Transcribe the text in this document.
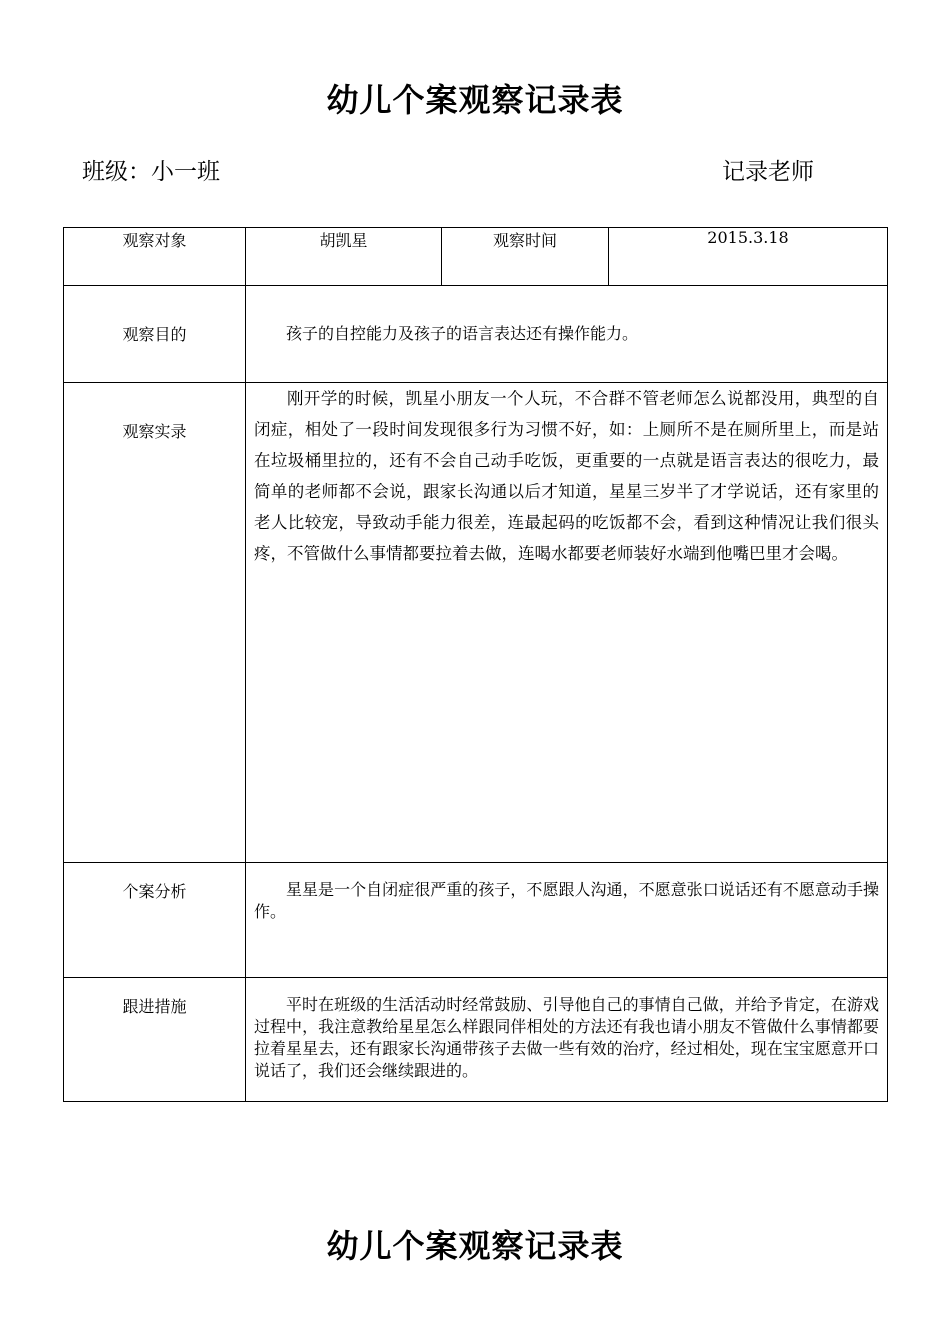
幼儿个案观察记录表
班级：小一班	记录老师
观察对象	胡凯星	观察时间	2015.3.18

观察目的	孩子的自控能力及孩子的语言表达还有操作能力。		

观察实录	刚开学的时候，凯星小朋友一个人玩，不合群不管老师怎么说都没用，典型的自闭症，相处了一段时间发现很多行为习惯不好，如：上厕所不是在厕所里上，而是站在垃圾桶里拉的，还有不会自己动手吃饭，更重要的一点就是语言表达的很吃力，最简单的老师都不会说，跟家长沟通以后才知道，星星三岁半了才学说话，还有家里的老人比较宠，导致动手能力很差，连最起码的吃饭都不会，看到这种情况让我们很头疼，不管做什么事情都要拉着去做，连喝水都要老师装好水端到他嘴巴里才会喝。		

个案分析	星星是一个自闭症很严重的孩子，不愿跟人沟通，不愿意张口说话还有不愿意动手操作。		

跟进措施	平时在班级的生活活动时经常鼓励、引导他自己的事情自己做，并给予肯定，在游戏过程中，我注意教给星星怎么样跟同伴相处的方法还有我也请小朋友不管做什么事情都要拉着星星去，还有跟家长沟通带孩子去做一些有效的治疗，经过相处，现在宝宝愿意开口说话了，我们还会继续跟进的。		
幼儿个案观察记录表
